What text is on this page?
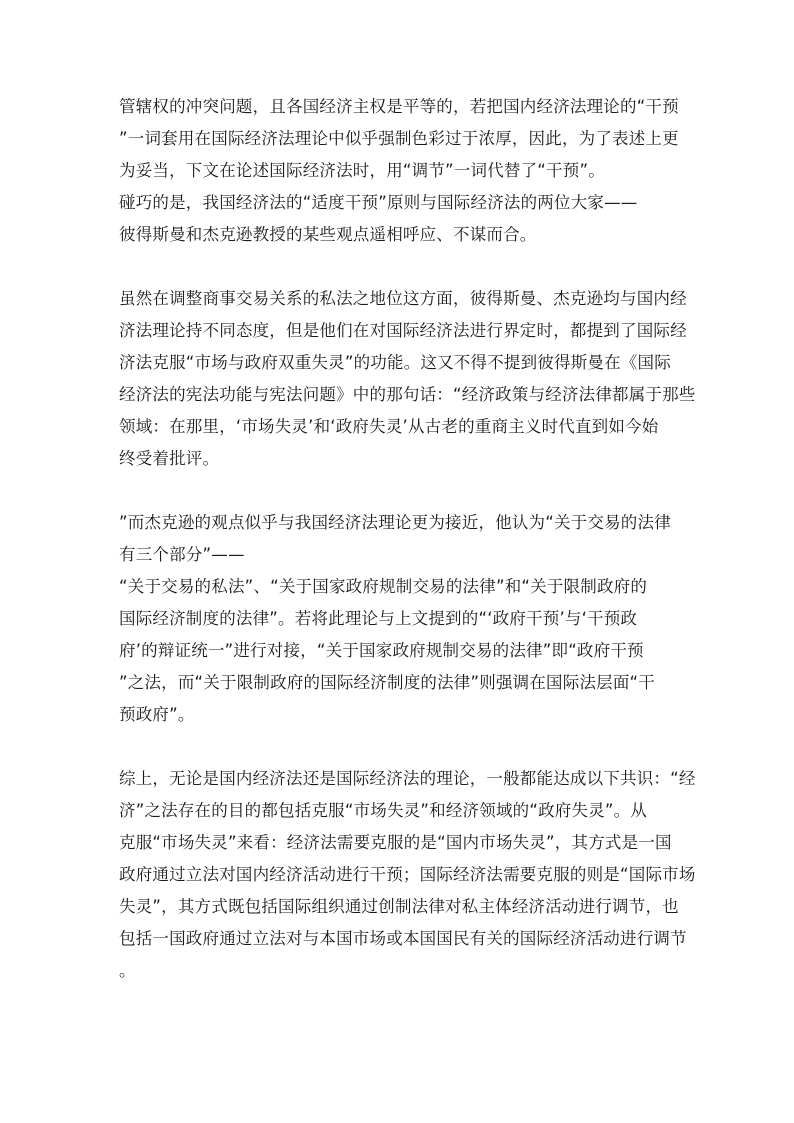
管辖权的冲突问题，且各国经济主权是平等的，若把国内经济法理论的“干预
”一词套用在国际经济法理论中似乎强制色彩过于浓厚，因此，为了表述上更
为妥当，下文在论述国际经济法时，用“调节”一词代替了“干预”。
碰巧的是，我国经济法的“适度干预”原则与国际经济法的两位大家——
彼得斯曼和杰克逊教授的某些观点遥相呼应、不谋而合。
虽然在调整商事交易关系的私法之地位这方面，彼得斯曼、杰克逊均与国内经
济法理论持不同态度，但是他们在对国际经济法进行界定时，都提到了国际经
济法克服“市场与政府双重失灵”的功能。这又不得不提到彼得斯曼在《国际
经济法的宪法功能与宪法问题》中的那句话：“经济政策与经济法律都属于那些
领域：在那里，‘市场失灵’和‘政府失灵’从古老的重商主义时代直到如今始
终受着批评。
”而杰克逊的观点似乎与我国经济法理论更为接近，他认为“关于交易的法律
有三个部分”——
“关于交易的私法”、“关于国家政府规制交易的法律”和“关于限制政府的
国际经济制度的法律”。若将此理论与上文提到的“‘政府干预’与‘干预政
府’的辩证统一”进行对接，“关于国家政府规制交易的法律”即“政府干预
”之法，而“关于限制政府的国际经济制度的法律”则强调在国际法层面“干
预政府”。
综上，无论是国内经济法还是国际经济法的理论，一般都能达成以下共识：“经
济”之法存在的目的都包括克服“市场失灵”和经济领域的“政府失灵”。从
克服“市场失灵”来看：经济法需要克服的是“国内市场失灵”，其方式是一国
政府通过立法对国内经济活动进行干预；国际经济法需要克服的则是“国际市场
失灵”，其方式既包括国际组织通过创制法律对私主体经济活动进行调节，也
包括一国政府通过立法对与本国市场或本国国民有关的国际经济活动进行调节
。
